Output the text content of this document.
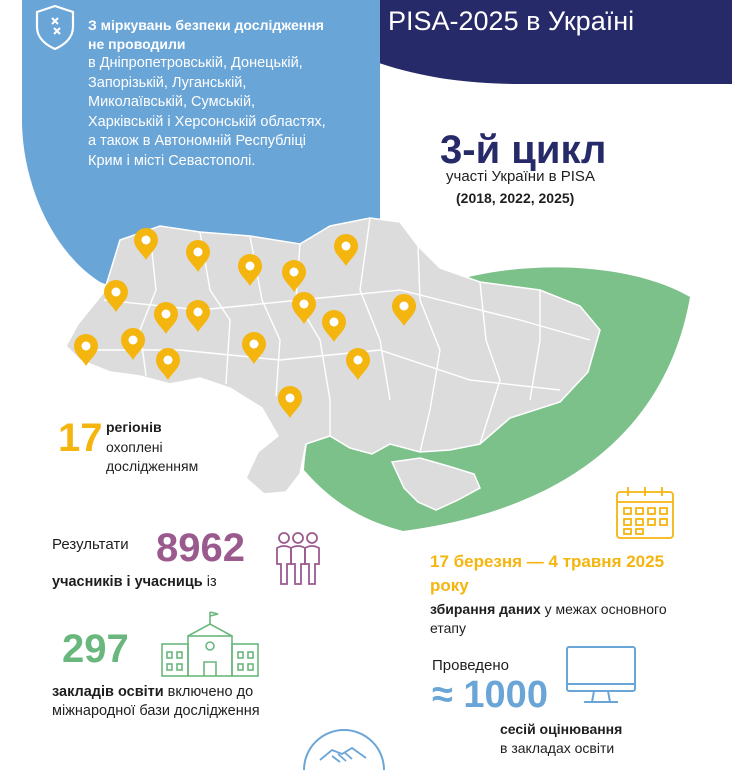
PISA-2025 в Україні
З міркувань безпеки дослідження не проводили
в Дніпропетровській, Донецькій, Запорізькій, Луганській, Миколаївській, Сумській, Харківській і Херсонській областях, а також в Автономній Республіці Крим і місті Севастополі.	3-й цикл
участі України в PISA
(2018, 2022, 2025)
17 регіонів
охоплені дослідженням
Результати 8962
учасників і учасниць із
297
закладів освіти включено до міжнародної бази дослідження
17 березня — 4 травня 2025 року
збирання даних у межах основного етапу
Проведено
≈ 1000
сесій оцінювання
в закладах освіти
